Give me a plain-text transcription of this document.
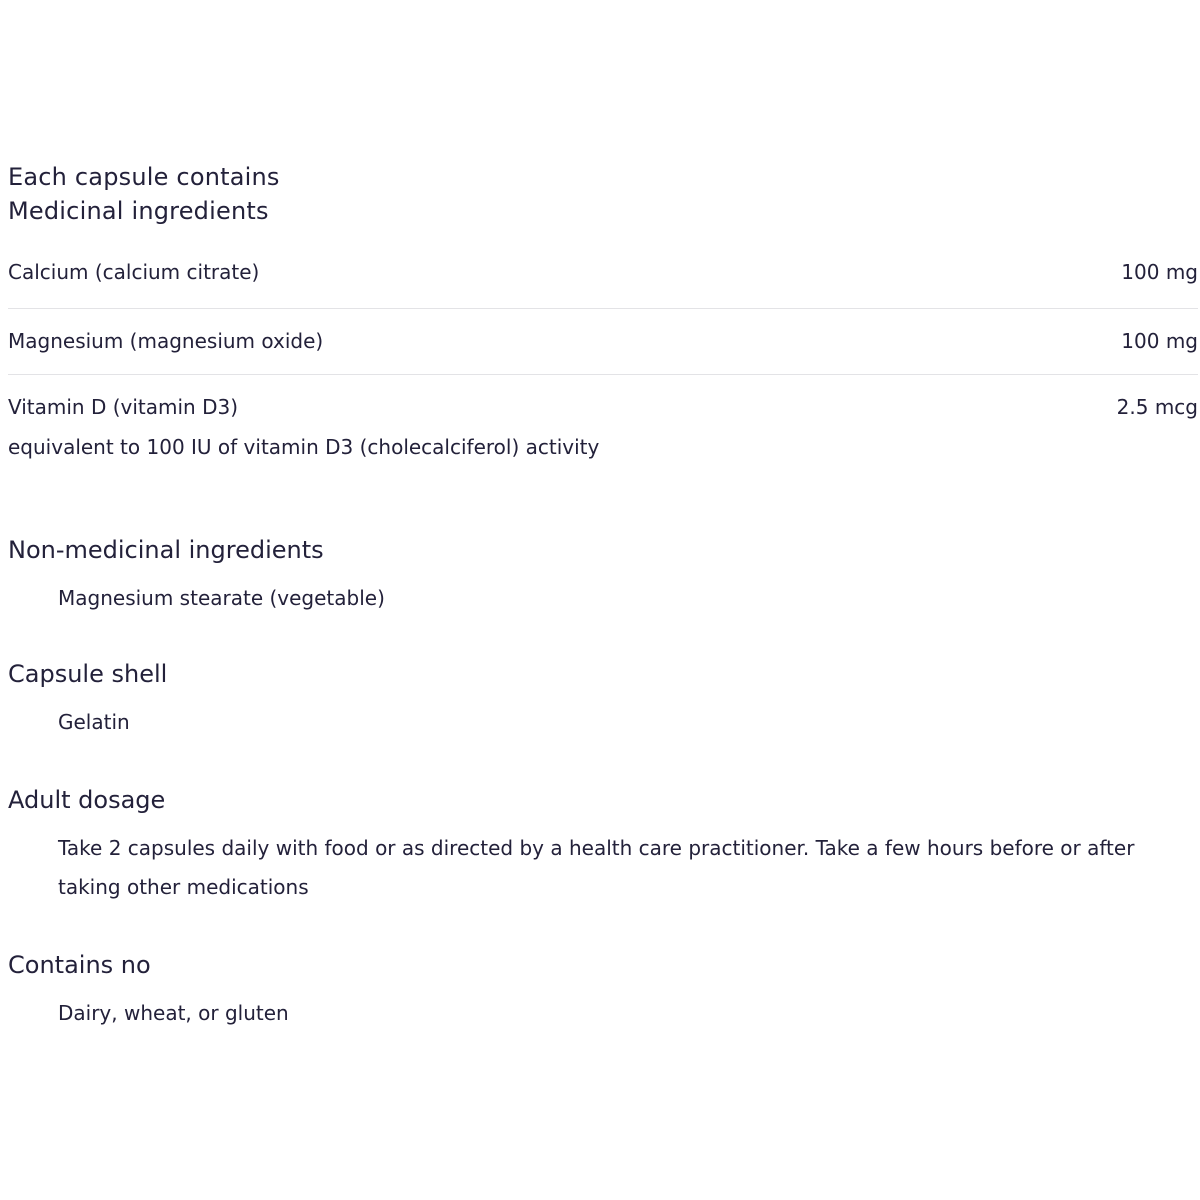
Each capsule contains
Medicinal ingredients
Calcium (calcium citrate)	100 mg
Magnesium (magnesium oxide)	100 mg
Vitamin D (vitamin D3)	2.5 mcg
equivalent to 100 IU of vitamin D3 (cholecalciferol) activity
Non-medicinal ingredients
Magnesium stearate (vegetable)
Capsule shell
Gelatin
Adult dosage
Take 2 capsules daily with food or as directed by a health care practitioner. Take a few hours before or after taking other medications
Contains no
Dairy, wheat, or gluten
